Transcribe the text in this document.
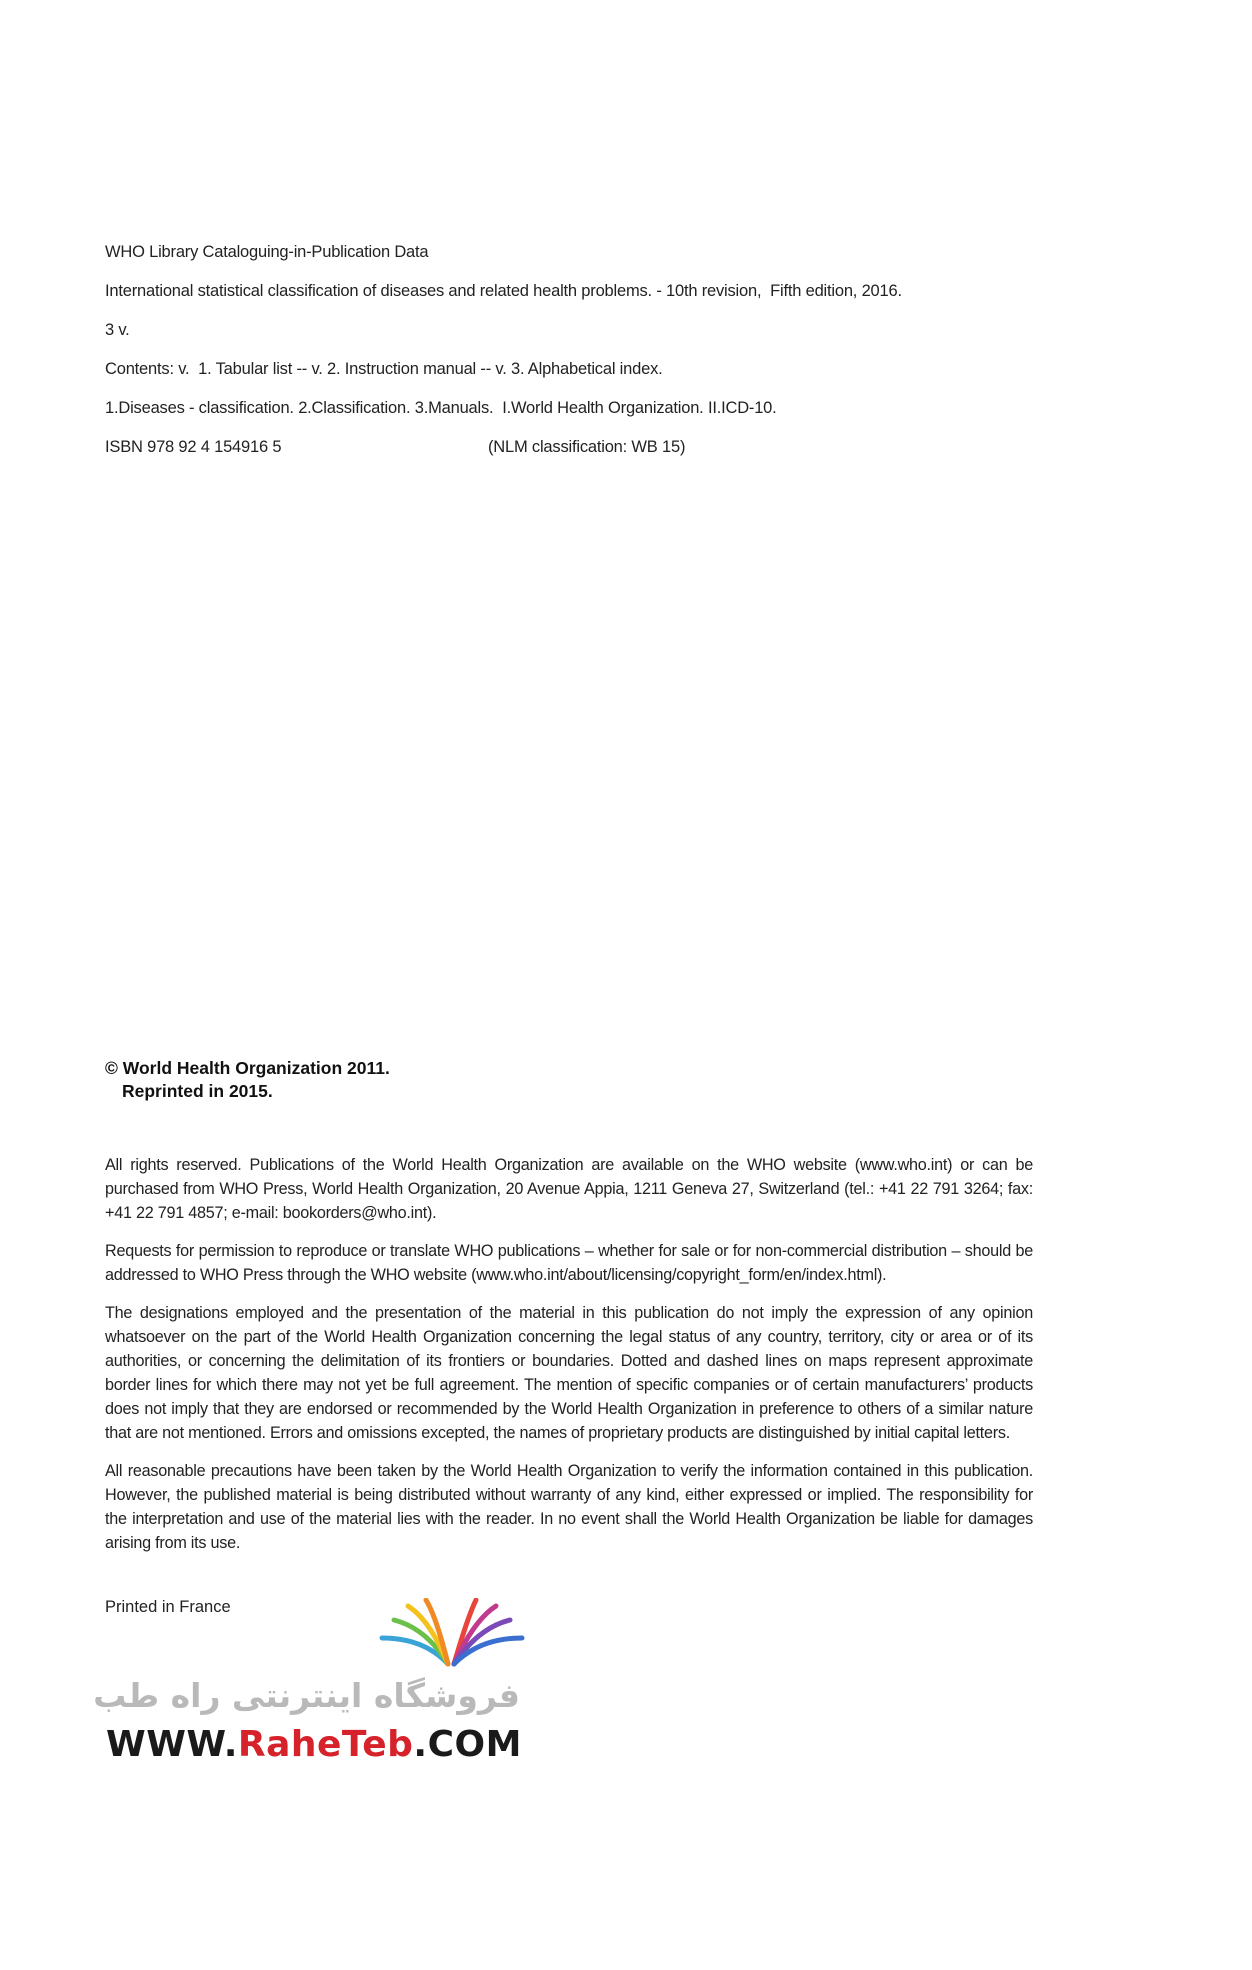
WHO Library Cataloguing-in-Publication Data
International statistical classification of diseases and related health problems. - 10th revision,  Fifth edition, 2016.
3 v.
Contents: v.  1. Tabular list -- v. 2. Instruction manual -- v. 3. Alphabetical index.
1.Diseases - classification. 2.Classification. 3.Manuals.  I.World Health Organization. II.ICD-10.
ISBN 978 92 4 154916 5	(NLM classification: WB 15)
© World Health Organization 2011.
Reprinted in 2015.

All rights reserved. Publications of the World Health Organization are available on the WHO website (www.who.int) or can be purchased from WHO Press, World Health Organization, 20 Avenue Appia, 1211 Geneva 27, Switzerland (tel.: +41 22 791 3264; fax: +41 22 791 4857; e-mail: bookorders@who.int).

Requests for permission to reproduce or translate WHO publications – whether for sale or for non-commercial distribution – should be addressed to WHO Press through the WHO website (www.who.int/about/licensing/copyright_form/en/index.html).

The designations employed and the presentation of the material in this publication do not imply the expression of any opinion whatsoever on the part of the World Health Organization concerning the legal status of any country, territory, city or area or of its authorities, or concerning the delimitation of its frontiers or boundaries. Dotted and dashed lines on maps represent approximate border lines for which there may not yet be full agreement. The mention of specific companies or of certain manufacturers’ products does not imply that they are endorsed or recommended by the World Health Organization in preference to others of a similar nature that are not mentioned. Errors and omissions excepted, the names of proprietary products are distinguished by initial capital letters.

All reasonable precautions have been taken by the World Health Organization to verify the information contained in this publication. However, the published material is being distributed without warranty of any kind, either expressed or implied. The responsibility for the interpretation and use of the material lies with the reader. In no event shall the World Health Organization be liable for damages arising from its use.

Printed in France
فروشگاه اینترنتی راه طب
WWW.RaheTeb.COM
